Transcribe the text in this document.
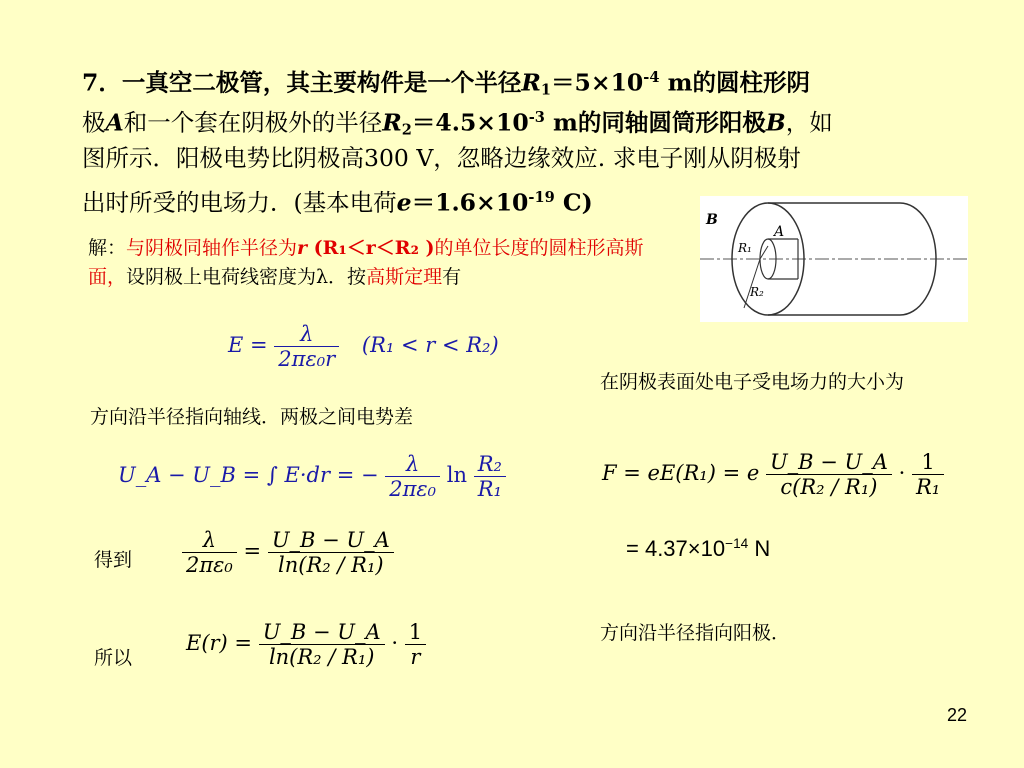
7．一真空二极管，其主要构件是一个半径$R_1=5\times 10^{-4}$ m的圆柱形阴
极A和一个套在阴极外的半径$R_2=4.5\times 10^{-3}$ m的同轴圆筒形阳极B，如
图所示．阳极电势比阴极高300 V，忽略边缘效应. 求电子刚从阴极射
出时所受的电场力．(基本电荷$e=1.6\times 10^{-19}$ C)
B
A
R₁
R₂
解：与阴极同轴作半径为r (R₁＜r＜R₂ )的单位长度的圆柱形高斯面，设阴极上电荷线密度为λ．按高斯定理有
$E = \frac{\lambda}{\text{2πε₀r}} (R_1 < r < R_2)$
方向沿半径指向轴线．两极之间电势差
U_A − U_B = ∫ E·dr = − $\frac{\lambda}{\text{2πε₀}}$ $\ln \frac{\text{R₂}}{\text{R₁}}$
得到 $\frac{\lambda}{\text{2πε₀}} = \frac{U\_B - U\_A}{\text{ln(R₂ / R₁)}}$
所以
$E(r) = \frac{U\_B - U\_A}{\text{ln(R₂ / R₁)}} \cdot \frac{1}{r}$
在阴极表面处电子受电场力的大小为
F = eE(R₁) = e $\frac{U\_B - U\_A}{\text{c(R₂ / R₁)}} \cdot \frac{1}{\text{R₁}}$
= $4.37\times 10^{-14}$ N
方向沿半径指向阳极．
22
